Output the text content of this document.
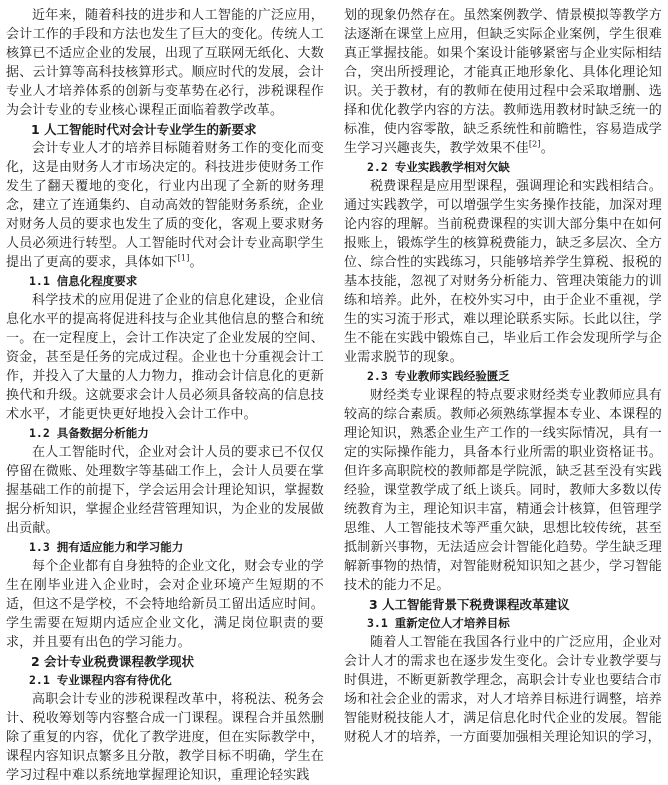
近年来，随着科技的进步和人工智能的广泛应用，会计工作的手段和方法也发生了巨大的变化。传统人工核算已不适应企业的发展，出现了互联网无纸化、大数据、云计算等高科技核算形式。顺应时代的发展，会计专业人才培养体系的创新与变革势在必行，涉税课程作为会计专业的专业核心课程正面临着教学改革。

1 人工智能时代对会计专业学生的新要求

会计专业人才的培养目标随着财务工作的变化而变化，这是由财务人才市场决定的。科技进步使财务工作发生了翻天覆地的变化，行业内出现了全新的财务理念，建立了连通集约、自动高效的智能财务系统，企业对财务人员的要求也发生了质的变化，客观上要求财务人员必须进行转型。人工智能时代对会计专业高职学生提出了更高的要求，具体如下[1]。

1.1 信息化程度要求

科学技术的应用促进了企业的信息化建设，企业信息化水平的提高将促进科技与企业其他信息的整合和统一。在一定程度上，会计工作决定了企业发展的空间、资金，甚至是任务的完成过程。企业也十分重视会计工作，并投入了大量的人力物力，推动会计信息化的更新换代和升级。这就要求会计人员必须具备较高的信息技术水平，才能更快更好地投入会计工作中。

1.2 具备数据分析能力

在人工智能时代，企业对会计人员的要求已不仅仅停留在微账、处理数字等基础工作上，会计人员要在掌握基础工作的前提下，学会运用会计理论知识，掌握数据分析知识，掌握企业经营管理知识，为企业的发展做出贡献。

1.3 拥有适应能力和学习能力

每个企业都有自身独特的企业文化，财会专业的学生在刚毕业进入企业时，会对企业环境产生短期的不适，但这不是学校，不会特地给新员工留出适应时间。学生需要在短期内适应企业文化，满足岗位职责的要求，并且要有出色的学习能力。

2 会计专业税费课程教学现状

2.1 专业课程内容有待优化

高职会计专业的涉税课程改革中，将税法、税务会计、税收筹划等内容整合成一门课程。课程合并虽然删除了重复的内容，优化了教学进度，但在实际教学中，课程内容知识点繁多且分散，教学目标不明确，学生在学习过程中难以系统地掌握理论知识，重理论轻实践

划的现象仍然存在。虽然案例教学、情景模拟等教学方法逐渐在课堂上应用，但缺乏实际企业案例，学生很难真正掌握技能。如果个案设计能够紧密与企业实际相结合，突出所授理论，才能真正地形象化、具体化理论知识。关于教材，有的教师在使用过程中会采取增删、选择和优化教学内容的方法。教师选用教材时缺乏统一的标准，使内容零散，缺乏系统性和前瞻性，容易造成学生学习兴趣丧失，教学效果不佳[2]。

2.2 专业实践教学相对欠缺

税费课程是应用型课程，强调理论和实践相结合。通过实践教学，可以增强学生实务操作技能，加深对理论内容的理解。当前税费课程的实训大部分集中在如何报账上，锻炼学生的核算税费能力，缺乏多层次、全方位、综合性的实践练习，只能够培养学生算税、报税的基本技能，忽视了对财务分析能力、管理决策能力的训练和培养。此外，在校外实习中，由于企业不重视，学生的实习流于形式，难以理论联系实际。长此以往，学生不能在实践中锻炼自己，毕业后工作会发现所学与企业需求脱节的现象。

2.3 专业教师实践经验匮乏

财经类专业课程的特点要求财经类专业教师应具有较高的综合素质。教师必须熟练掌握本专业、本课程的理论知识，熟悉企业生产工作的一线实际情况，具有一定的实际操作能力，具备本行业所需的职业资格证书。但许多高职院校的教师都是学院派，缺乏甚至没有实践经验，课堂教学成了纸上谈兵。同时，教师大多数以传统教育为主，理论知识丰富，精通会计核算，但管理学思维、人工智能技术等严重欠缺，思想比较传统，甚至抵制新兴事物，无法适应会计智能化趋势。学生缺乏理解新事物的热情，对智能财税知识知之甚少，学习智能技术的能力不足。

3 人工智能背景下税费课程改革建议

3.1 重新定位人才培养目标

随着人工智能在我国各行业中的广泛应用，企业对会计人才的需求也在逐步发生变化。会计专业教学要与时俱进，不断更新教学理念，高职会计专业也要结合市场和社会企业的需求，对人才培养目标进行调整，培养智能财税技能人才，满足信息化时代企业的发展。智能财税人才的培养，一方面要加强相关理论知识的学习，
